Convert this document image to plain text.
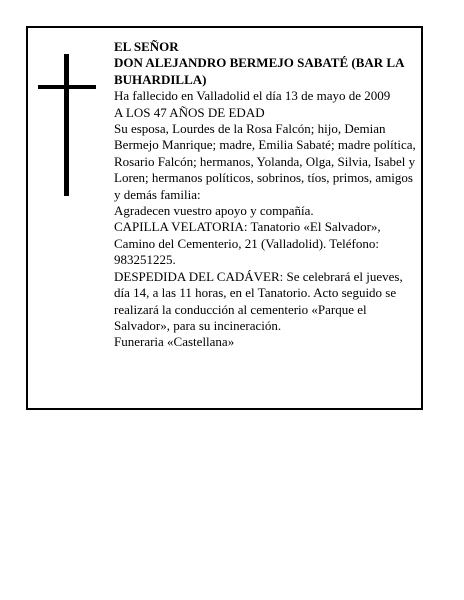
EL SEÑOR

DON ALEJANDRO BERMEJO SABATÉ (BAR LA BUHARDILLA)

Ha fallecido en Valladolid el día 13 de mayo de 2009

A LOS 47 AÑOS DE EDAD

Su esposa, Lourdes de la Rosa Falcón; hijo, Demian Bermejo Manrique; madre, Emilia Sabaté; madre política, Rosario Falcón; hermanos, Yolanda, Olga, Silvia, Isabel y Loren; hermanos políticos, sobrinos, tíos, primos, amigos y demás familia:

Agradecen vuestro apoyo y compañía.

CAPILLA VELATORIA: Tanatorio «El Salvador», Camino del Cementerio, 21 (Valladolid). Teléfono: 983251225.

DESPEDIDA DEL CADÁVER: Se celebrará el jueves, día 14, a las 11 horas, en el Tanatorio. Acto seguido se realizará la conducción al cementerio «Parque el Salvador», para su incineración.

Funeraria «Castellana»
